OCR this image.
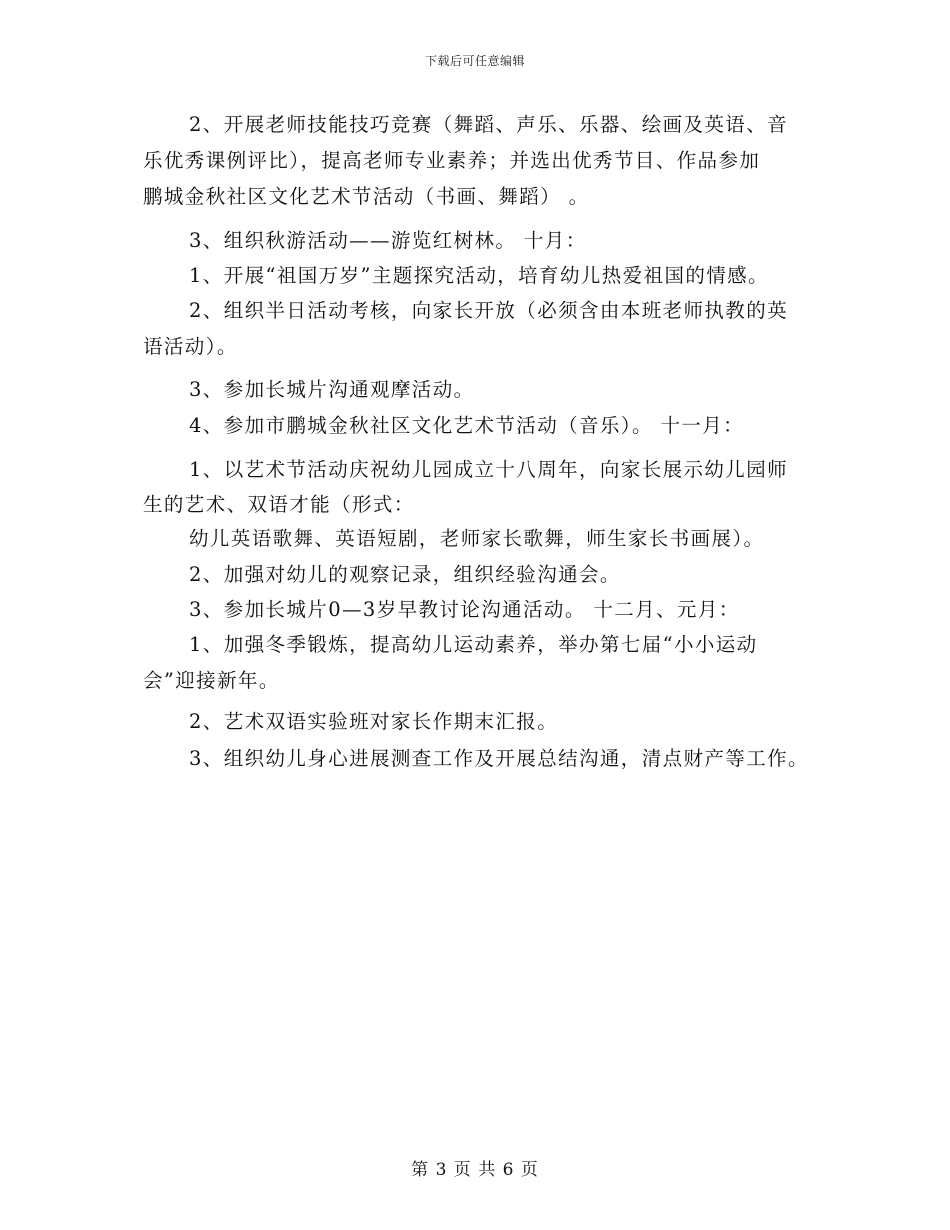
下载后可任意编辑
2、开展老师技能技巧竞赛（舞蹈、声乐、乐器、绘画及英语、音
乐优秀课例评比），提高老师专业素养；并选出优秀节目、作品参加
鹏城金秋社区文化艺术节活动（书画、舞蹈） 。
3、组织秋游活动——游览红树林。 十月：
1、开展“祖国万岁”主题探究活动，培育幼儿热爱祖国的情感。
2、组织半日活动考核，向家长开放（必须含由本班老师执教的英
语活动）。
3、参加长城片沟通观摩活动。
4、参加市鹏城金秋社区文化艺术节活动（音乐）。 十一月：
1、以艺术节活动庆祝幼儿园成立十八周年，向家长展示幼儿园师
生的艺术、双语才能（形式：
幼儿英语歌舞、英语短剧，老师家长歌舞，师生家长书画展）。
2、加强对幼儿的观察记录，组织经验沟通会。
3、参加长城片0—3岁早教讨论沟通活动。 十二月、元月：
1、加强冬季锻炼，提高幼儿运动素养，举办第七届“小小运动
会”迎接新年。
2、艺术双语实验班对家长作期末汇报。
3、组织幼儿身心进展测查工作及开展总结沟通，清点财产等工作。
第 3 页 共 6 页
